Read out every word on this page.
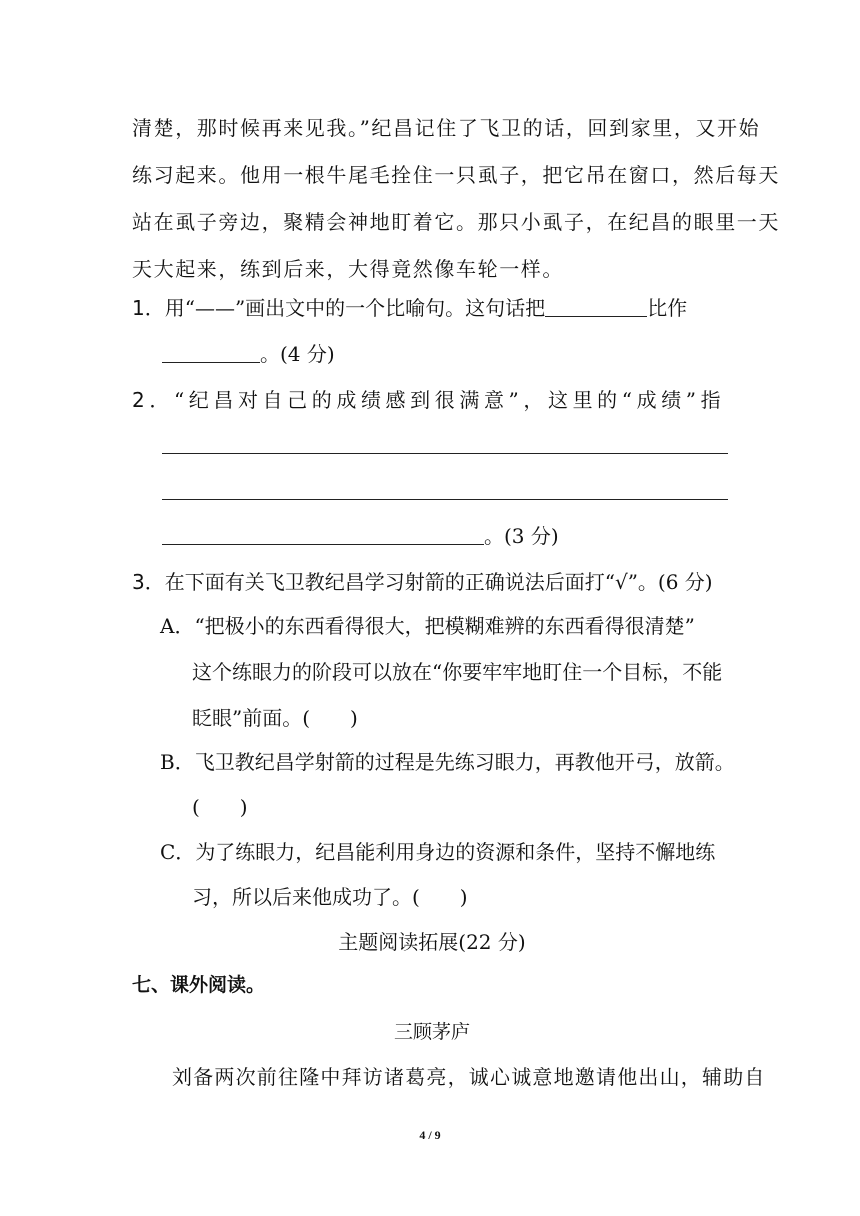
清楚，那时候再来见我。”纪昌记住了飞卫的话，回到家里，又开始
练习起来。他用一根牛尾毛拴住一只虱子，把它吊在窗口，然后每天
站在虱子旁边，聚精会神地盯着它。那只小虱子，在纪昌的眼里一天
天大起来，练到后来，大得竟然像车轮一样。
1．用“——”画出文中的一个比喻句。这句话把	比作
。(4 分)
2．“纪昌对自己的成绩感到很满意”，这里的“成绩”指
。(3 分)
3．在下面有关飞卫教纪昌学习射箭的正确说法后面打“√”。(6 分)
A．“把极小的东西看得很大，把模糊难辨的东西看得很清楚”
这个练眼力的阶段可以放在“你要牢牢地盯住一个目标，不能
眨眼”前面。(　　)
B．飞卫教纪昌学射箭的过程是先练习眼力，再教他开弓，放箭。
(　　)
C．为了练眼力，纪昌能利用身边的资源和条件，坚持不懈地练
习，所以后来他成功了。(　　)
主题阅读拓展(22 分)
七、课外阅读。
三顾茅庐
刘备两次前往隆中拜访诸葛亮，诚心诚意地邀请他出山，辅助自
4 / 9
